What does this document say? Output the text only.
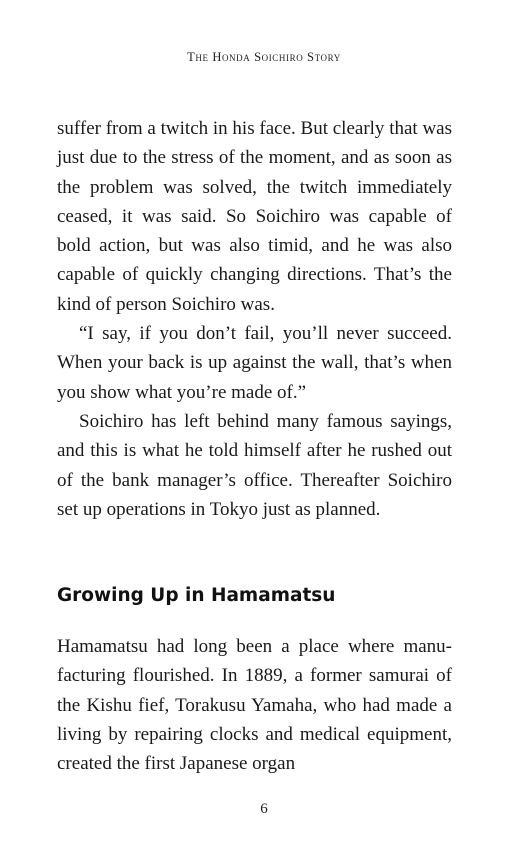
The Honda Soichiro Story

suffer from a twitch in his face. But clearly that was just due to the stress of the moment, and as soon as the problem was solved, the twitch immediately ceased, it was said. So Soichiro was capable of bold action, but was also timid, and he was also capable of quickly changing directions. That’s the kind of person Soichiro was.

“I say, if you don’t fail, you’ll never succeed. When your back is up against the wall, that’s when you show what you’re made of.”

Soichiro has left behind many famous sayings, and this is what he told himself after he rushed out of the bank manager’s office. Thereafter Soichiro set up operations in Tokyo just as planned.

Growing Up in Hamamatsu

Hamamatsu had long been a place where manufacturing flourished. In 1889, a former samurai of the Kishu fief, Torakusu Yamaha, who had made a living by repairing clocks and medical equipment, created the first Japanese organ

6
